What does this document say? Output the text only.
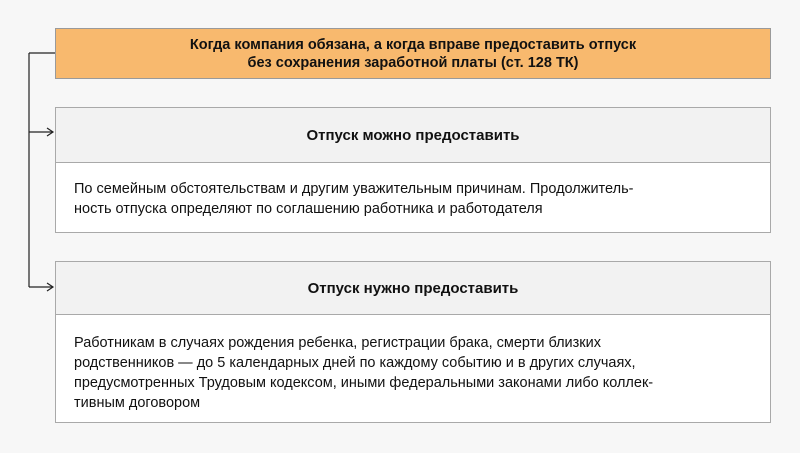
Когда компания обязана, а когда вправе предоставить отпуск
без сохранения заработной платы (ст. 128 ТК)
Отпуск можно предоставить
По семейным обстоятельствам и другим уважительным причинам. Продолжитель-
ность отпуска определяют по соглашению работника и работодателя
Отпуск нужно предоставить
Работникам в случаях рождения ребенка, регистрации брака, смерти близких
родственников — до 5 календарных дней по каждому событию и в других случаях,
предусмотренных Трудовым кодексом, иными федеральными законами либо коллек-
тивным договором
